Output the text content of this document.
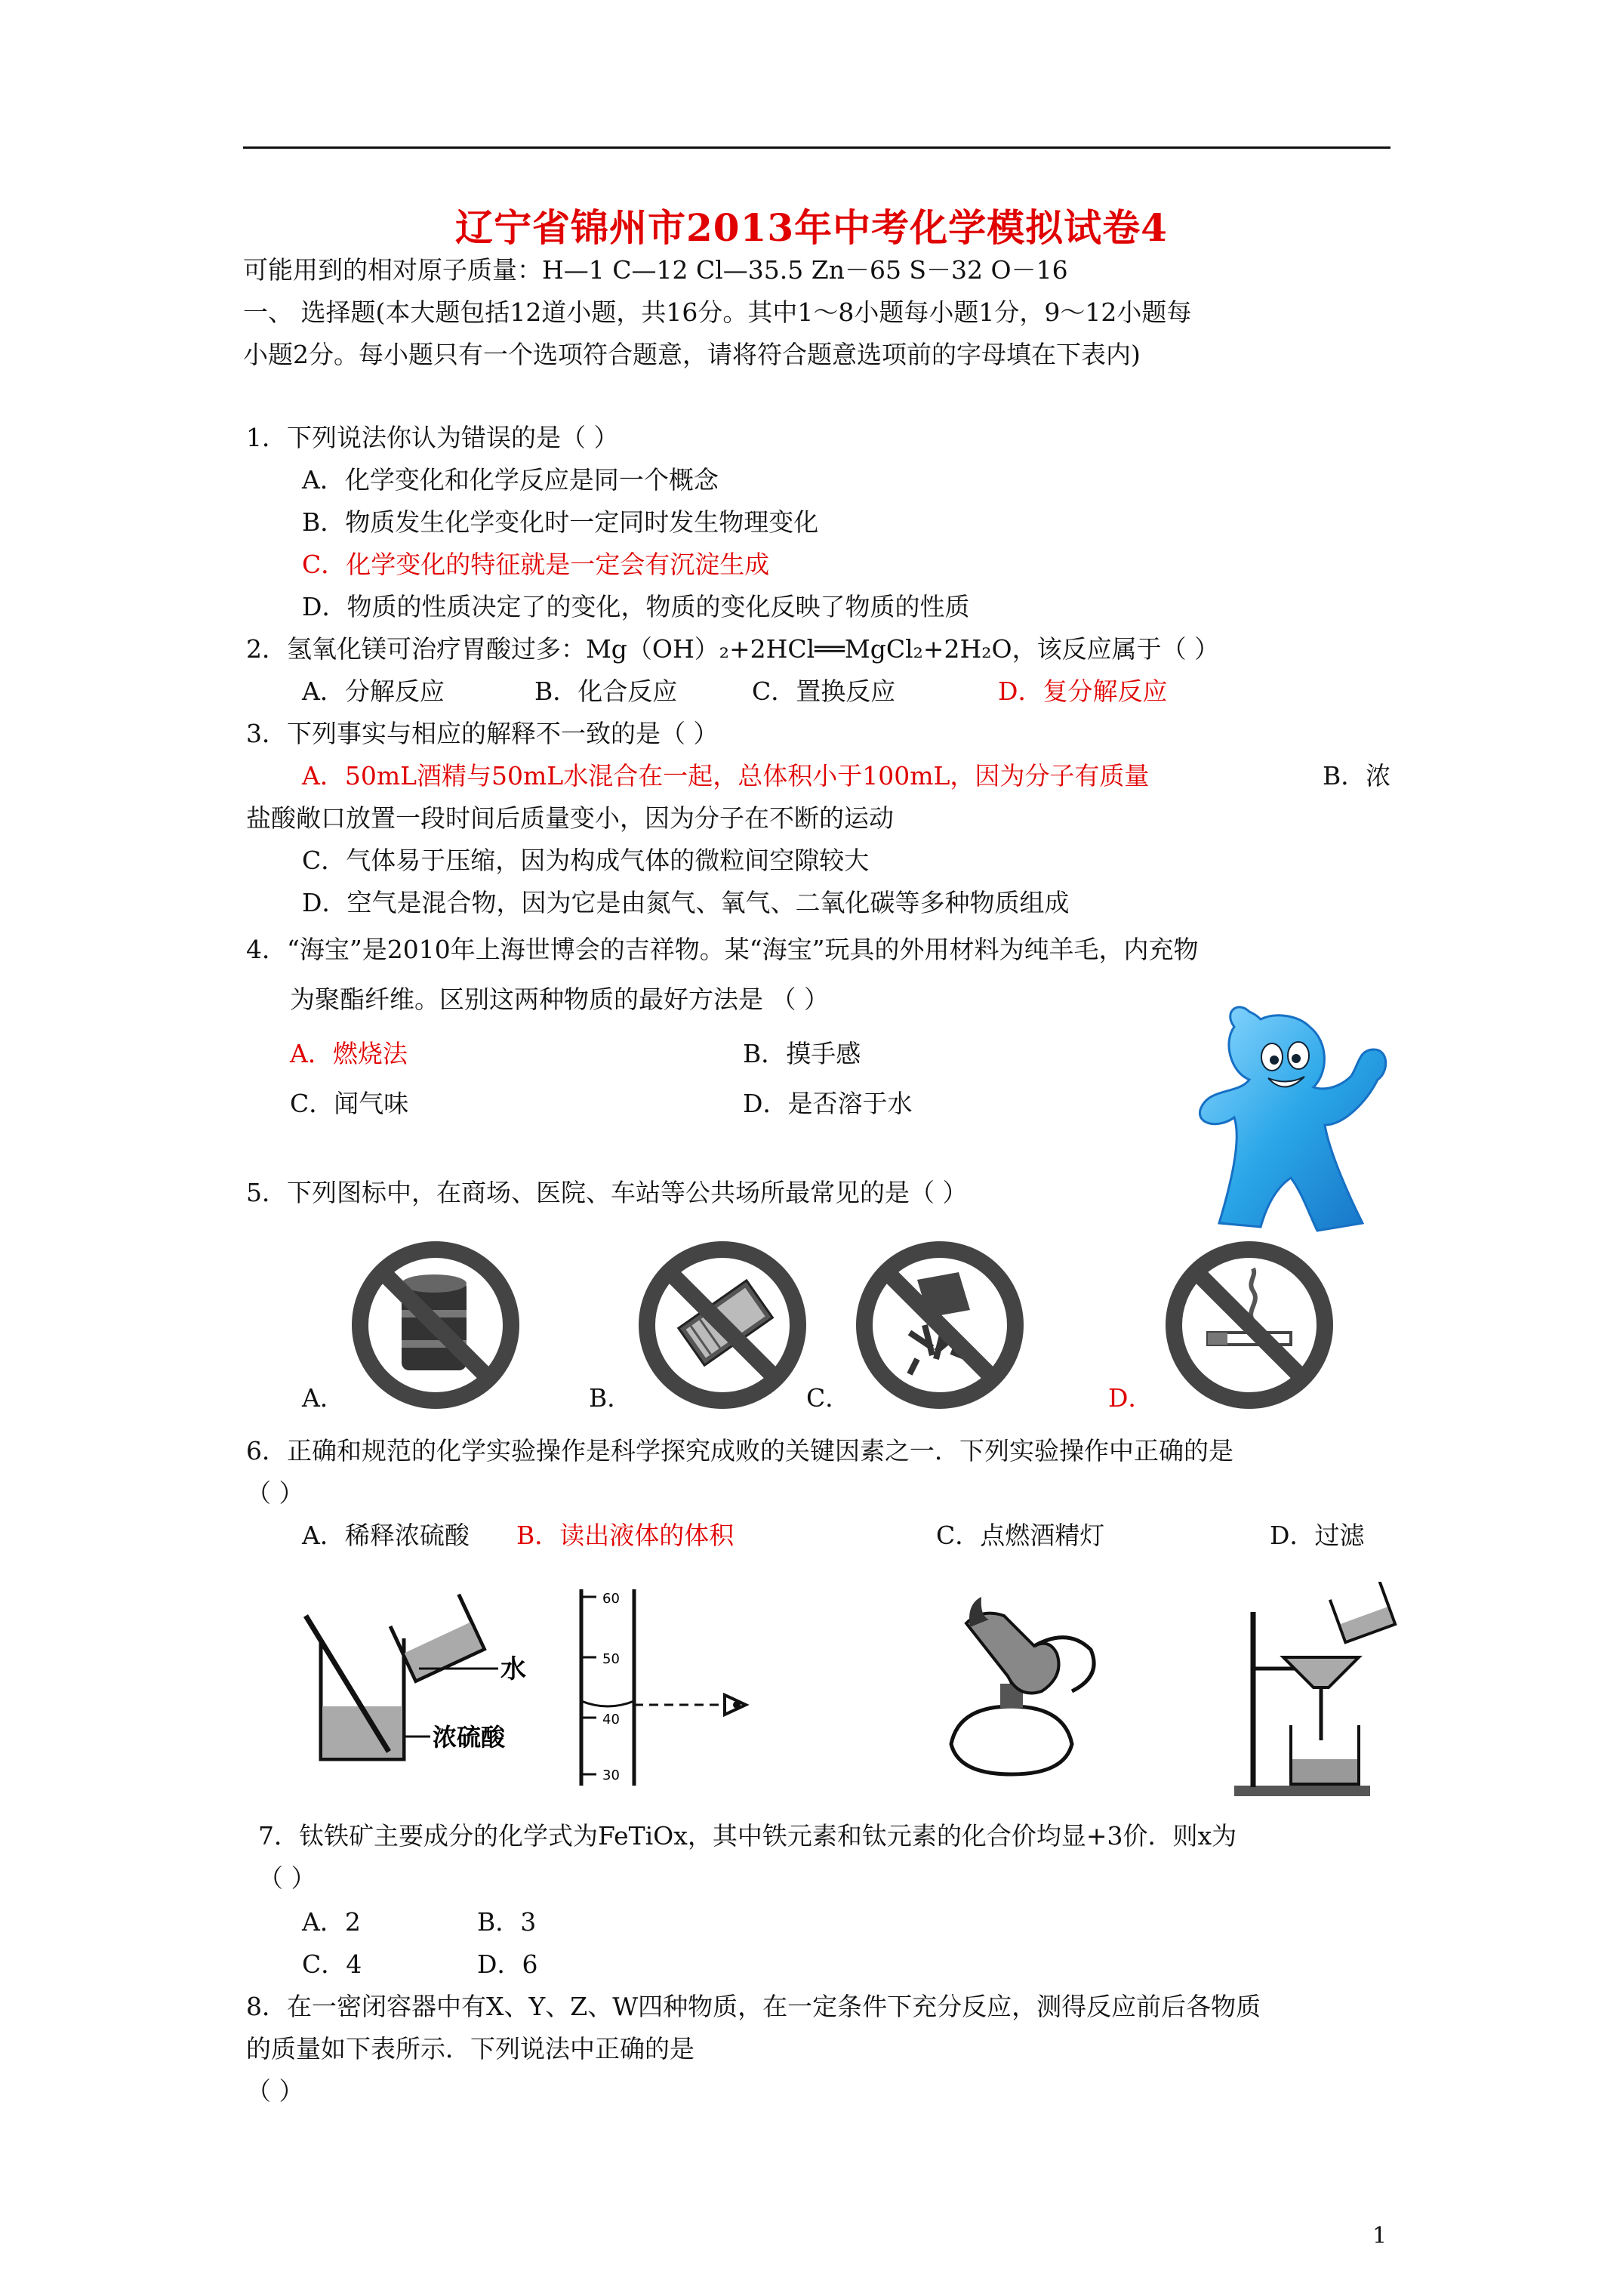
辽宁省锦州市2013年中考化学模拟试卷4
可能用到的相对原子质量：H—1 C—12 Cl—35.5 Zn－65 S－32 O－16
一、 选择题(本大题包括12道小题，共16分。其中1～8小题每小题1分，9～12小题每
小题2分。每小题只有一个选项符合题意，请将符合题意选项前的字母填在下表内)
1．下列说法你认为错误的是（ ）
A．化学变化和化学反应是同一个概念
B．物质发生化学变化时一定同时发生物理变化
C．化学变化的特征就是一定会有沉淀生成
D．物质的性质决定了的变化，物质的变化反映了物质的性质
2．氢氧化镁可治疗胃酸过多：Mg（OH）₂+2HCl══MgCl₂+2H₂O，该反应属于（ ）
A．分解反应	B．化合反应	C．置换反应	D．复分解反应
3．下列事实与相应的解释不一致的是（ ）
A．50mL酒精与50mL水混合在一起，总体积小于100mL，因为分子有质量	B．浓
盐酸敞口放置一段时间后质量变小，因为分子在不断的运动
C．气体易于压缩，因为构成气体的微粒间空隙较大
D．空气是混合物，因为它是由氮气、氧气、二氧化碳等多种物质组成
4．“海宝”是2010年上海世博会的吉祥物。某“海宝”玩具的外用材料为纯羊毛，内充物
为聚酯纤维。区别这两种物质的最好方法是 （ ）
A．燃烧法	B．摸手感
C．闻气味	D．是否溶于水
5．下列图标中，在商场、医院、车站等公共场所最常见的是（ ）
A．	B．	C．	D．
6．正确和规范的化学实验操作是科学探究成败的关键因素之一．下列实验操作中正确的是
（ ）
A．稀释浓硫酸 B．读出液体的体积	C．点燃酒精灯	D．过滤
水
浓硫酸
60
50
40
30
7．钛铁矿主要成分的化学式为FeTiOx，其中铁元素和钛元素的化合价均显+3价．则x为
（ ）
A．2	B．3
C．4	D．6
8．在一密闭容器中有X、Y、Z、W四种物质，在一定条件下充分反应，测得反应前后各物质
的质量如下表所示．下列说法中正确的是
（ ）
1
